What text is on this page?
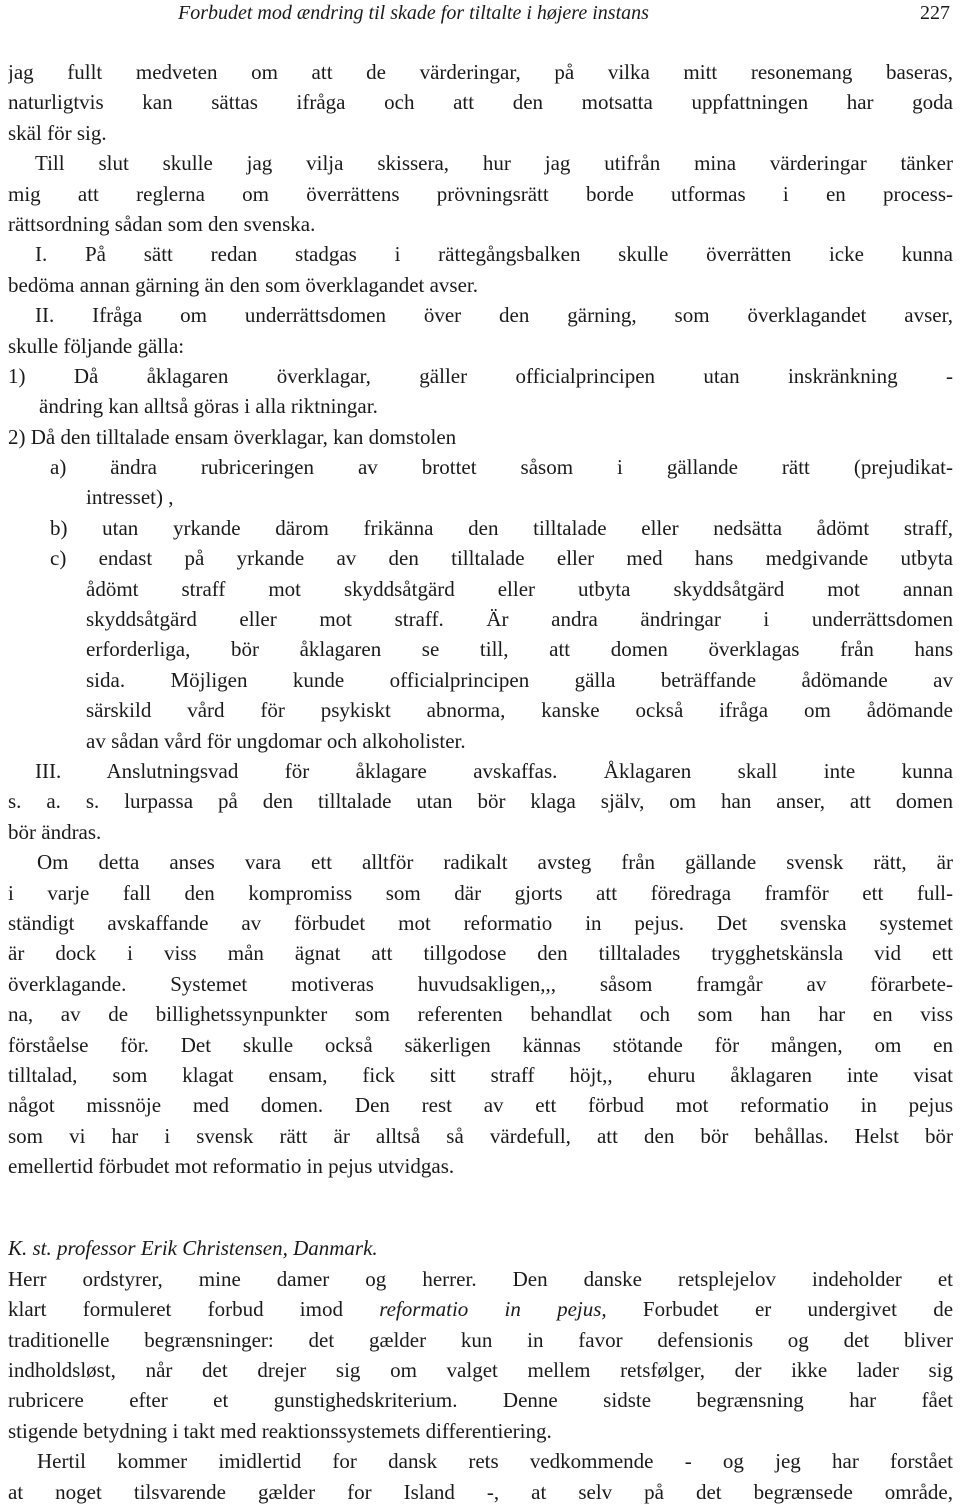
Forbudet mod ændring til skade for tiltalte i højere instans	227
jag fullt medveten om att de värderingar, på vilka mitt resonemang baseras,
naturligtvis kan sättas ifråga och att den motsatta uppfattningen har goda
skäl för sig.
Till slut skulle jag vilja skissera, hur jag utifrån mina värderingar tänker
mig att reglerna om överrättens prövningsrätt borde utformas i en process-
rättsordning sådan som den svenska.
I. På sätt redan stadgas i rättegångsbalken skulle överrätten icke kunna
bedöma annan gärning än den som överklagandet avser.
II. Ifråga om underrättsdomen över den gärning, som överklagandet avser,
skulle följande gälla:
1) Då åklagaren överklagar, gäller officialprincipen utan inskränkning -
ändring kan alltså göras i alla riktningar.
2) Då den tilltalade ensam överklagar, kan domstolen
a) ändra rubriceringen av brottet såsom i gällande rätt (prejudikat-
intresset) ,
b) utan yrkande därom frikänna den tilltalade eller nedsätta ådömt straff,
c) endast på yrkande av den tilltalade eller med hans medgivande utbyta
ådömt straff mot skyddsåtgärd eller utbyta skyddsåtgärd mot annan
skyddsåtgärd eller mot straff. Är andra ändringar i underrättsdomen
erforderliga, bör åklagaren se till, att domen överklagas från hans
sida. Möjligen kunde officialprincipen gälla beträffande ådömande av
särskild vård för psykiskt abnorma, kanske också ifråga om ådömande
av sådan vård för ungdomar och alkoholister.
III. Anslutningsvad för åklagare avskaffas. Åklagaren skall inte kunna
s. a. s. lurpassa på den tilltalade utan bör klaga själv, om han anser, att domen
bör ändras.
Om detta anses vara ett alltför radikalt avsteg från gällande svensk rätt, är
i varje fall den kompromiss som där gjorts att föredraga framför ett full-
ständigt avskaffande av förbudet mot reformatio in pejus. Det svenska systemet
är dock i viss mån ägnat att tillgodose den tilltalades trygghetskänsla vid ett
överklagande. Systemet motiveras huvudsakligen,,, såsom framgår av förarbete-
na, av de billighetssynpunkter som referenten behandlat och som han har en viss
förståelse för. Det skulle också säkerligen kännas stötande för mången, om en
tilltalad, som klagat ensam, fick sitt straff höjt,, ehuru åklagaren inte visat
något missnöje med domen. Den rest av ett förbud mot reformatio in pejus
som vi har i svensk rätt är alltså så värdefull, att den bör behållas. Helst bör
emellertid förbudet mot reformatio in pejus utvidgas.
K. st. professor Erik Christensen, Danmark.
Herr ordstyrer, mine damer og herrer. Den danske retsplejelov indeholder et
klart formuleret forbud imod reformatio in pejus, Forbudet er undergivet de
traditionelle begrænsninger: det gælder kun in favor defensionis og det bliver
indholdsløst, når det drejer sig om valget mellem retsfølger, der ikke lader sig
rubricere efter et gunstighedskriterium. Denne sidste begrænsning har fået
stigende betydning i takt med reaktionssystemets differentiering.
Hertil kommer imidlertid for dansk rets vedkommende - og jeg har forstået
at noget tilsvarende gælder for Island -, at selv på det begrænsede område,
